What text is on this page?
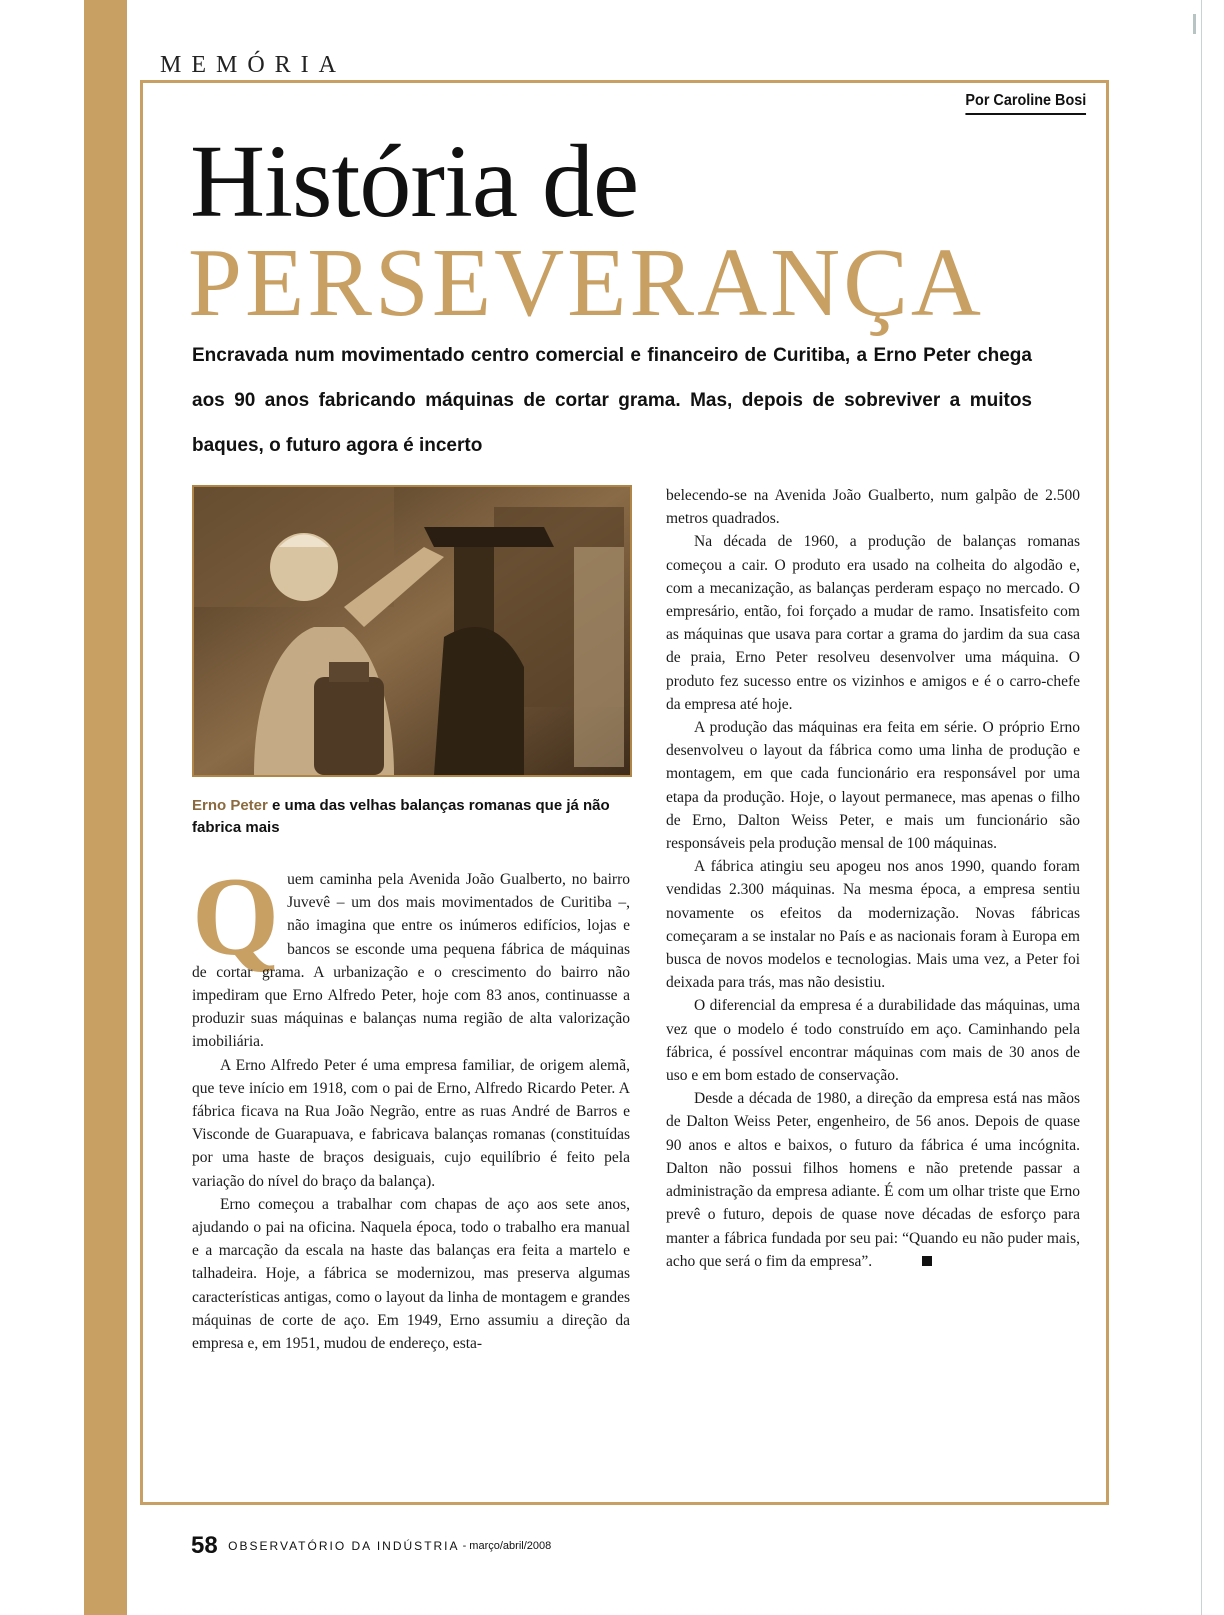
MEMÓRIA
Por Caroline Bosi
História de
PERSEVERANÇA
Encravada num movimentado centro comercial e financeiro de Curitiba, a Erno Peter chega aos 90 anos fabricando máquinas de cortar grama. Mas, depois de sobreviver a muitos baques, o futuro agora é incerto
Erno Peter e uma das velhas balanças romanas que já não fabrica mais
Q uem caminha pela Avenida João Gualberto, no bairro Juvevê – um dos mais movimentados de Curitiba –, não imagina que entre os inúmeros edifícios, lojas e bancos se esconde uma pequena fábrica de máquinas de cortar grama. A urbanização e o crescimento do bairro não impediram que Erno Alfredo Peter, hoje com 83 anos, continuasse a produzir suas máquinas e balanças numa região de alta valorização imobiliária.

A Erno Alfredo Peter é uma empresa familiar, de origem alemã, que teve início em 1918, com o pai de Erno, Alfredo Ricardo Peter. A fábrica ficava na Rua João Negrão, entre as ruas André de Barros e Visconde de Guarapuava, e fabricava balanças romanas (constituídas por uma haste de braços desiguais, cujo equilíbrio é feito pela variação do nível do braço da balança).

Erno começou a trabalhar com chapas de aço aos sete anos, ajudando o pai na oficina. Naquela época, todo o trabalho era manual e a marcação da escala na haste das balanças era feita a martelo e talhadeira. Hoje, a fábrica se modernizou, mas preserva algumas características antigas, como o layout da linha de montagem e grandes máquinas de corte de aço. Em 1949, Erno assumiu a direção da empresa e, em 1951, mudou de endereço, esta-

belecendo-se na Avenida João Gualberto, num galpão de 2.500 metros quadrados.

Na década de 1960, a produção de balanças romanas começou a cair. O produto era usado na colheita do algodão e, com a mecanização, as balanças perderam espaço no mercado. O empresário, então, foi forçado a mudar de ramo. Insatisfeito com as máquinas que usava para cortar a grama do jardim da sua casa de praia, Erno Peter resolveu desenvolver uma máquina. O produto fez sucesso entre os vizinhos e amigos e é o carro-chefe da empresa até hoje.

A produção das máquinas era feita em série. O próprio Erno desenvolveu o layout da fábrica como uma linha de produção e montagem, em que cada funcionário era responsável por uma etapa da produção. Hoje, o layout permanece, mas apenas o filho de Erno, Dalton Weiss Peter, e mais um funcionário são responsáveis pela produção mensal de 100 máquinas.

A fábrica atingiu seu apogeu nos anos 1990, quando foram vendidas 2.300 máquinas. Na mesma época, a empresa sentiu novamente os efeitos da modernização. Novas fábricas começaram a se instalar no País e as nacionais foram à Europa em busca de novos modelos e tecnologias. Mais uma vez, a Peter foi deixada para trás, mas não desistiu.

O diferencial da empresa é a durabilidade das máquinas, uma vez que o modelo é todo construído em aço. Caminhando pela fábrica, é possível encontrar máquinas com mais de 30 anos de uso e em bom estado de conservação.

Desde a década de 1980, a direção da empresa está nas mãos de Dalton Weiss Peter, engenheiro, de 56 anos. Depois de quase 90 anos e altos e baixos, o futuro da fábrica é uma incógnita. Dalton não possui filhos homens e não pretende passar a administração da empresa adiante. É com um olhar triste que Erno prevê o futuro, depois de quase nove décadas de esforço para manter a fábrica fundada por seu pai: “Quando eu não puder mais, acho que será o fim da empresa”.

58 OBSERVATÓRIO DA INDÚSTRIA - março/abril/2008
